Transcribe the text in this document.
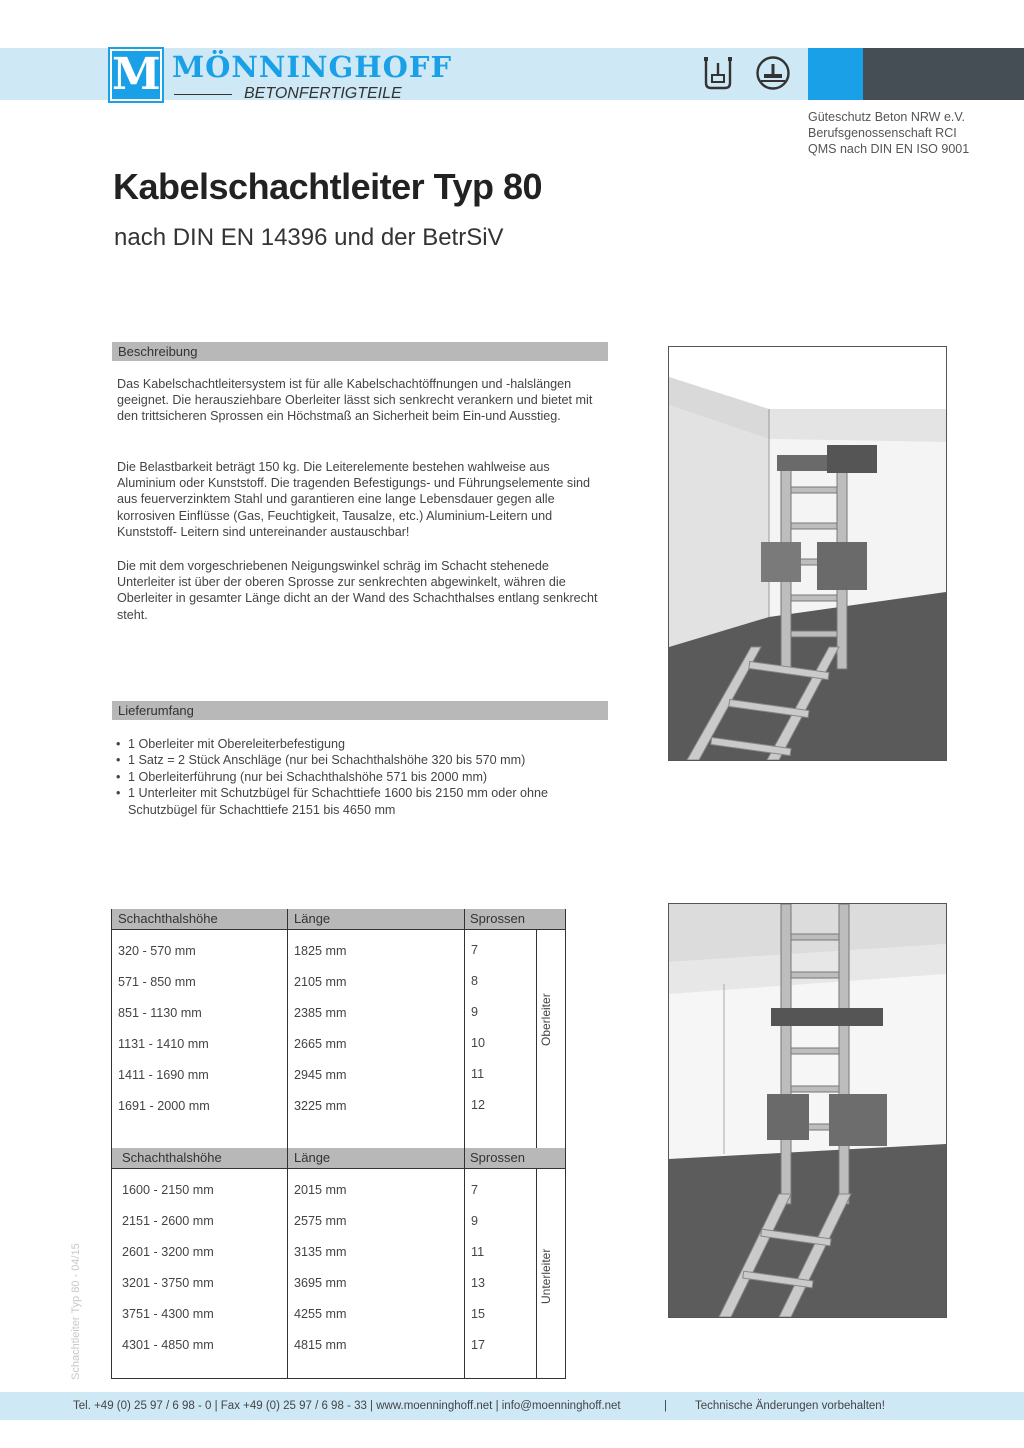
M MÖNNINGHOFF
BETONFERTIGTEILE
Güteschutz Beton NRW e.V.
Berufsgenossenschaft RCI
QMS nach DIN EN ISO 9001
Kabelschachtleiter Typ 80
nach DIN EN 14396 und der BetrSiV
Beschreibung

Das Kabelschachtleitersystem ist für alle Kabelschachtöffnungen und -halslängen geeignet. Die herausziehbare Oberleiter lässt sich senkrecht verankern und bietet mit den trittsicheren Sprossen ein Höchstmaß an Sicherheit beim Ein-und Ausstieg.

Die Belastbarkeit beträgt 150 kg. Die Leiterelemente bestehen wahlweise aus Aluminium oder Kunststoff. Die tragenden Befestigungs- und Führungselemente sind aus feuerverzinktem Stahl und garantieren eine lange Lebensdauer gegen alle korrosiven Einflüsse (Gas, Feuchtigkeit, Tausalze, etc.) Aluminium-Leitern und Kunststoff- Leitern sind untereinander austauschbar!

Die mit dem vorgeschriebenen Neigungswinkel schräg im Schacht stehenede Unterleiter ist über der oberen Sprosse zur senkrechten abgewinkelt, währen die Oberleiter in gesamter Länge dicht an der Wand des Schachthalses entlang senkrecht steht.

Lieferumfang
• 1 Oberleiter mit Obereleiterbefestigung
• 1 Satz = 2 Stück Anschläge (nur bei Schachthalshöhe 320 bis 570 mm)
• 1 Oberleiterführung (nur bei Schachthalshöhe 571 bis 2000 mm)
• 1 Unterleiter mit Schutzbügel für Schachttiefe 1600 bis 2150 mm oder ohne Schutzbügel für Schachttiefe 2151 bis 4650 mm
Schachthalshöhe	Länge	Sprossen
320 - 570 mm	1825 mm	7
571 - 850 mm	2105 mm	8
851 - 1130 mm	2385 mm	9
1131 - 1410 mm	2665 mm	10
1411 - 1690 mm	2945 mm	11
1691 - 2000 mm	3225 mm	12
Oberleiter
Schachthalshöhe	Länge	Sprossen
1600 - 2150 mm	2015 mm	7
2151 - 2600 mm	2575 mm	9
2601 - 3200 mm	3135 mm	11
3201 - 3750 mm	3695 mm	13
3751 - 4300 mm	4255 mm	15
4301 - 4850 mm	4815 mm	17
Unterleiter
Schachtleiter Typ 80 - 04/15
Tel. +49 (0) 25 97 / 6 98 - 0 | Fax +49 (0) 25 97 / 6 98 - 33 | www.moenninghoff.net | info@moenninghoff.net	| Technische Änderungen vorbehalten!
